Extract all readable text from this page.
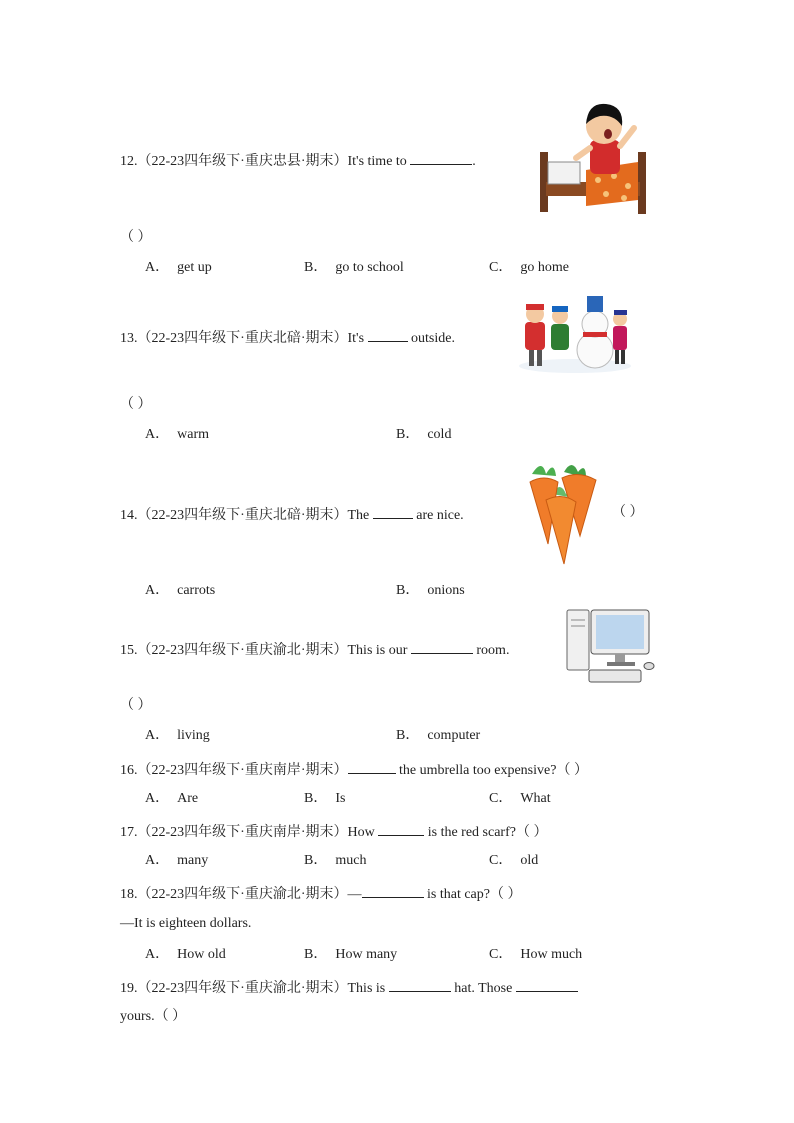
12.（22-23四年级下·重庆忠县·期末）It's time to	.
（ ）
A． get up	B． go to school	C． go home
13.（22-23四年级下·重庆北碚·期末）It's	outside.
（ ）
A． warm	B． cold
14.（22-23四年级下·重庆北碚·期末）The	are nice.	（ ）
A． carrots	B． onions
15.（22-23四年级下·重庆渝北·期末）This is our	room.
（ ）
A． living	B． computer
16.（22-23四年级下·重庆南岸·期末）	the umbrella too expensive?（ ）
A． Are	B． Is	C． What
17.（22-23四年级下·重庆南岸·期末）How	is the red scarf?（ ）
A． many	B． much	C． old
18.（22-23四年级下·重庆渝北·期末）—	is that cap?（ ）
—It is eighteen dollars.
A． How old	B． How many	C． How much
19.（22-23四年级下·重庆渝北·期末）This is	hat. Those
yours.（ ）
